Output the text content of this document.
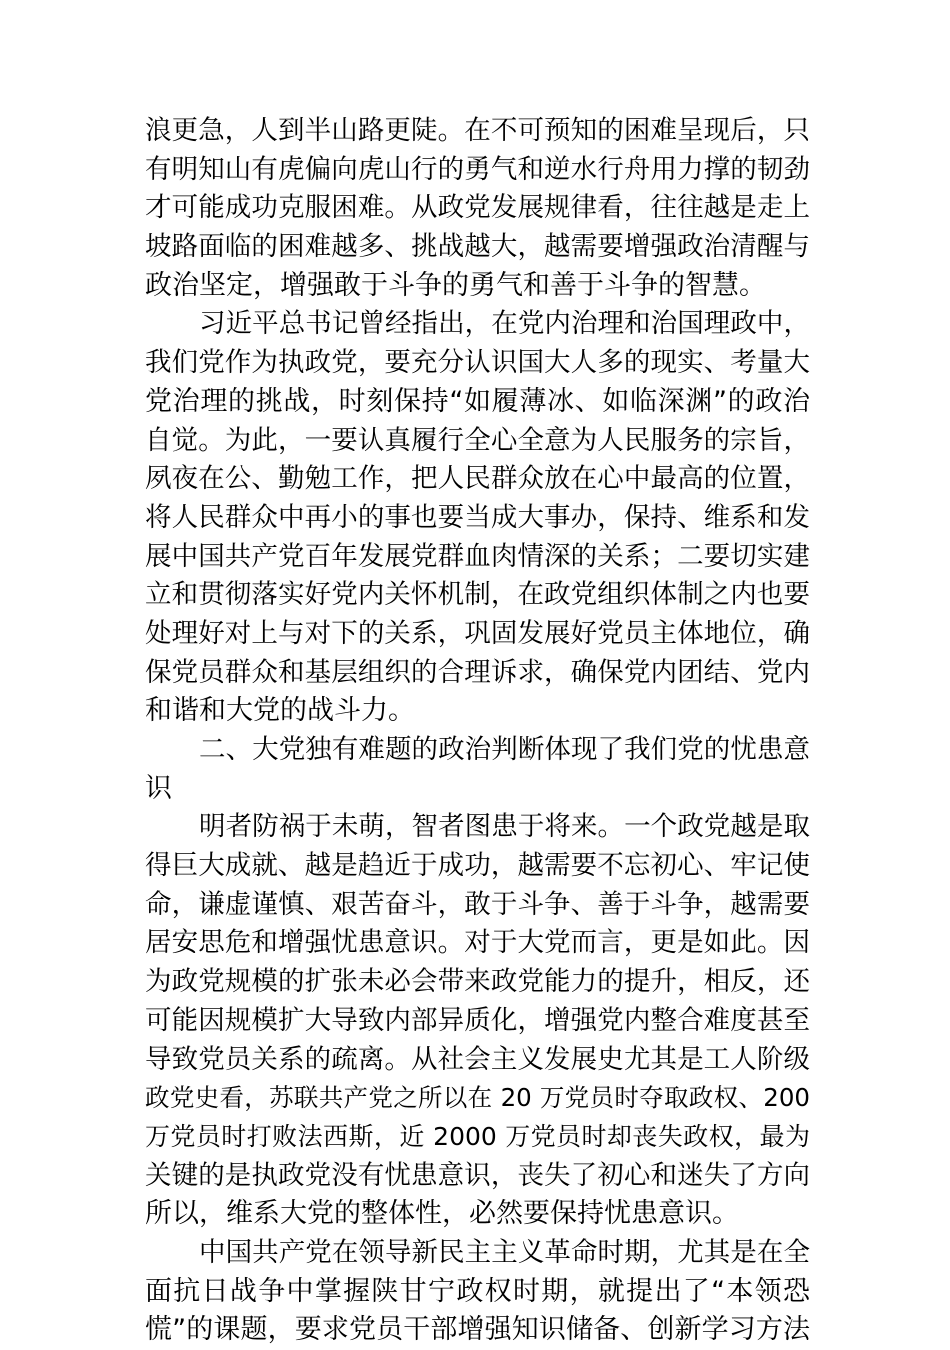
浪更急，人到半山路更陡。在不可预知的困难呈现后，只
有明知山有虎偏向虎山行的勇气和逆水行舟用力撑的韧劲
才可能成功克服困难。从政党发展规律看，往往越是走上
坡路面临的困难越多、挑战越大，越需要增强政治清醒与
政治坚定，增强敢于斗争的勇气和善于斗争的智慧。
习近平总书记曾经指出，在党内治理和治国理政中，
我们党作为执政党，要充分认识国大人多的现实、考量大
党治理的挑战，时刻保持“如履薄冰、如临深渊”的政治
自觉。为此，一要认真履行全心全意为人民服务的宗旨，
夙夜在公、勤勉工作，把人民群众放在心中最高的位置，
将人民群众中再小的事也要当成大事办，保持、维系和发
展中国共产党百年发展党群血肉情深的关系；二要切实建
立和贯彻落实好党内关怀机制，在政党组织体制之内也要
处理好对上与对下的关系，巩固发展好党员主体地位，确
保党员群众和基层组织的合理诉求，确保党内团结、党内
和谐和大党的战斗力。
二、大党独有难题的政治判断体现了我们党的忧患意
识
明者防祸于未萌，智者图患于将来。一个政党越是取
得巨大成就、越是趋近于成功，越需要不忘初心、牢记使
命，谦虚谨慎、艰苦奋斗，敢于斗争、善于斗争，越需要
居安思危和增强忧患意识。对于大党而言，更是如此。因
为政党规模的扩张未必会带来政党能力的提升，相反，还
可能因规模扩大导致内部异质化，增强党内整合难度甚至
导致党员关系的疏离。从社会主义发展史尤其是工人阶级
政党史看，苏联共产党之所以在 20 万党员时夺取政权、200
万党员时打败法西斯，近 2000 万党员时却丧失政权，最为
关键的是执政党没有忧患意识，丧失了初心和迷失了方向
所以，维系大党的整体性，必然要保持忧患意识。
中国共产党在领导新民主主义革命时期，尤其是在全
面抗日战争中掌握陕甘宁政权时期，就提出了“本领恐
慌”的课题，要求党员干部增强知识储备、创新学习方法
